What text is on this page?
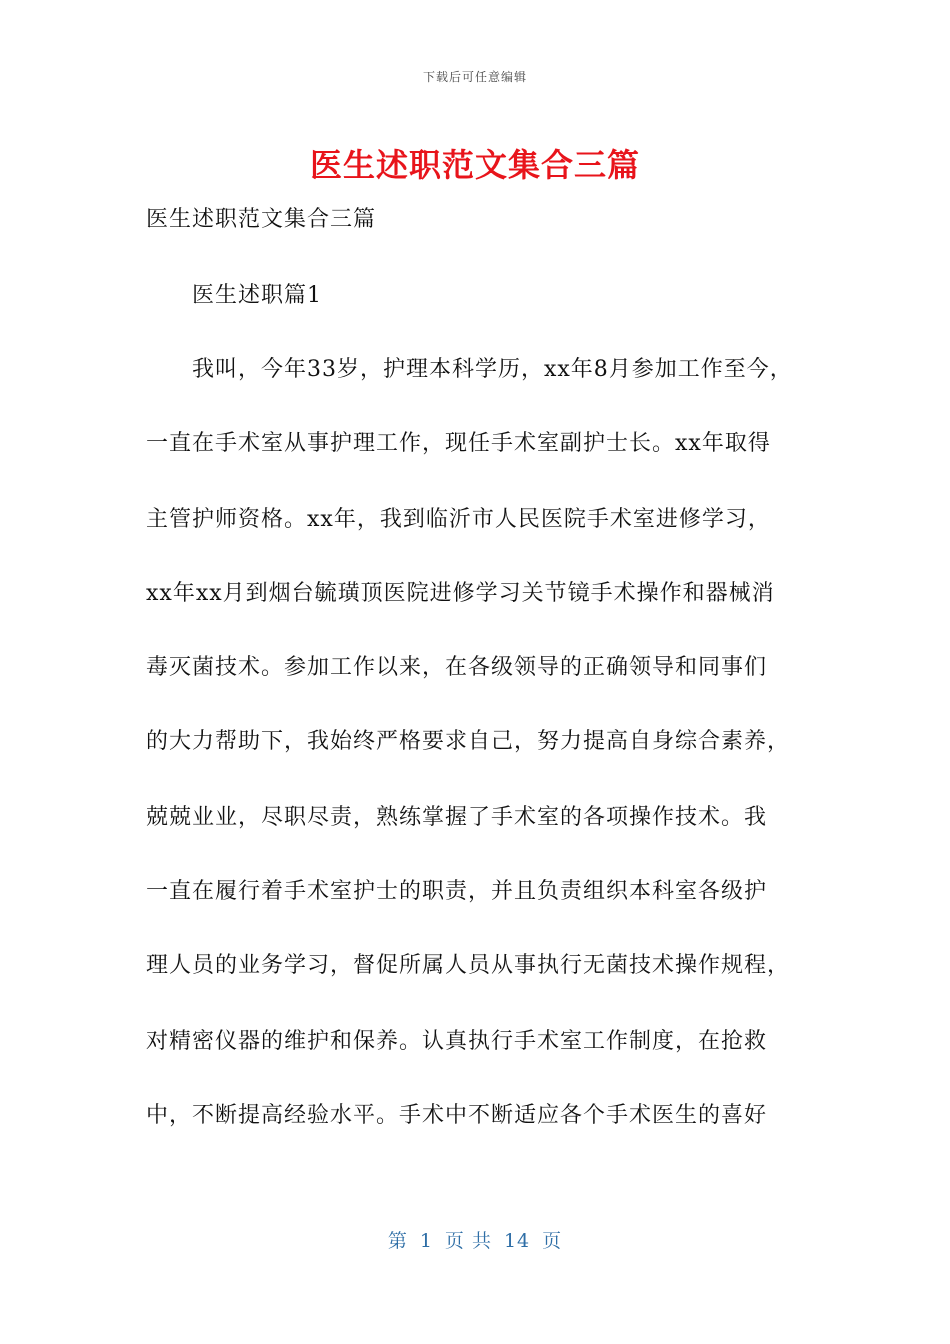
下载后可任意编辑
医生述职范文集合三篇
医生述职范文集合三篇
医生述职篇1
我叫，今年33岁，护理本科学历，xx年8月参加工作至今，
一直在手术室从事护理工作，现任手术室副护士长。xx年取得
主管护师资格。xx年，我到临沂市人民医院手术室进修学习，
xx年xx月到烟台毓璜顶医院进修学习关节镜手术操作和器械消
毒灭菌技术。参加工作以来，在各级领导的正确领导和同事们
的大力帮助下，我始终严格要求自己，努力提高自身综合素养，
兢兢业业，尽职尽责，熟练掌握了手术室的各项操作技术。我
一直在履行着手术室护士的职责，并且负责组织本科室各级护
理人员的业务学习，督促所属人员从事执行无菌技术操作规程，
对精密仪器的维护和保养。认真执行手术室工作制度，在抢救
中，不断提高经验水平。手术中不断适应各个手术医生的喜好
第 1 页 共 14 页
